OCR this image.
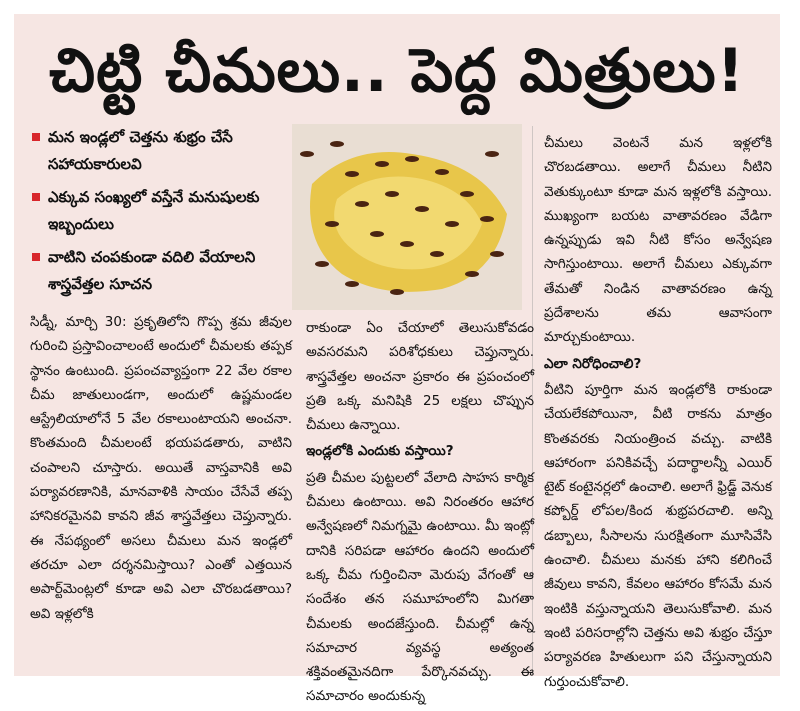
చిట్టి చీమలు.. పెద్ద మిత్రులు!
మన ఇండ్లలో చెత్తను శుభ్రం చేసే సహాయకారులవి
ఎక్కువ సంఖ్యలో వస్తేనే మనుషులకు ఇబ్బందులు
వాటిని చంపకుండా వదిలి వేయాలని శాస్త్రవేత్తల సూచన

సిడ్నీ, మార్చి 30: ప్రకృతిలోని గొప్ప శ్రమ జీవుల గురించి ప్రస్తావించాలంటే అందులో చీమలకు తప్పక స్థానం ఉంటుంది. ప్రపంచవ్యాప్తంగా 22 వేల రకాల చీమ జాతులుండగా, అందులో ఉష్ణమండల ఆస్ట్రేలియాలోనే 5 వేల రకాలుంటాయని అంచనా. కొంతమంది చీమలంటే భయపడతారు, వాటిని చంపాలని చూస్తారు. అయితే వాస్తవానికి అవి పర్యావరణానికి, మానవాళికి సాయం చేసేవే తప్ప హానికరమైనవి కావని జీవ శాస్త్రవేత్తలు చెప్తున్నారు. ఈ నేపథ్యంలో అసలు చీమలు మన ఇండ్లలో తరచూ ఎలా దర్శనమిస్తాయి? ఎంతో ఎత్తయిన అపార్ట్‌మెంట్లలో కూడా అవి ఎలా చొరబడతాయి? అవి ఇళ్లలోకి

రాకుండా ఏం చేయాలో తెలుసుకోవడం అవసరమని పరిశోధకులు చెప్తున్నారు. శాస్త్రవేత్తల అంచనా ప్రకారం ఈ ప్రపంచంలో ప్రతి ఒక్క మనిషికి 25 లక్షలు చొప్పున చీమలు ఉన్నాయి.

ఇండ్లలోకి ఎందుకు వస్తాయి?

ప్రతి చీమల పుట్టలలో వేలాది సాహస కార్మిక చీమలు ఉంటాయి. అవి నిరంతరం ఆహార అన్వేషణలో నిమగ్నమై ఉంటాయి. మీ ఇంట్లో దానికి సరిపడా ఆహారం ఉందని అందులో ఒక్క చీమ గుర్తించినా మెరుపు వేగంతో ఆ సందేశం తన సమూహంలోని మిగతా చీమలకు అందజేస్తుంది. చీమల్లో ఉన్న సమాచార వ్యవస్థ అత్యంత శక్తివంతమైనదిగా పేర్కొనవచ్చు. ఈ సమాచారం అందుకున్న

చీమలు వెంటనే మన ఇళ్లలోకి చొరబడతాయి. అలాగే చీమలు నీటిని వెతుక్కుంటూ కూడా మన ఇళ్లలోకి వస్తాయి. ముఖ్యంగా బయట వాతావరణం వేడిగా ఉన్నప్పుడు ఇవి నీటి కోసం అన్వేషణ సాగిస్తుంటాయి. అలాగే చీమలు ఎక్కువగా తేమతో నిండిన వాతావరణం ఉన్న ప్రదేశాలను తమ ఆవాసంగా మార్చుకుంటాయి.

ఎలా నిరోధించాలి?

వీటిని పూర్తిగా మన ఇండ్లలోకి రాకుండా చేయలేకపోయినా, వీటి రాకను మాత్రం కొంతవరకు నియంత్రించ వచ్చు. వాటికి ఆహారంగా పనికివచ్చే పదార్థాలన్నీ ఎయిర్ టైట్ కంటైనర్లలో ఉంచాలి. అలాగే ఫ్రిడ్జ్ వెనుక కప్బోర్డ్ లోపల/కింద శుభ్రపరచాలి. అన్ని డబ్బాలు, సీసాలను సురక్షితంగా మూసివేసి ఉంచాలి. చీమలు మనకు హాని కలిగించే జీవులు కావని, కేవలం ఆహారం కోసమే మన ఇంటికి వస్తున్నాయని తెలుసుకోవాలి. మన ఇంటి పరిసరాల్లోని చెత్తను అవి శుభ్రం చేస్తూ పర్యావరణ హితులుగా పని చేస్తున్నాయని గుర్తుంచుకోవాలి.
